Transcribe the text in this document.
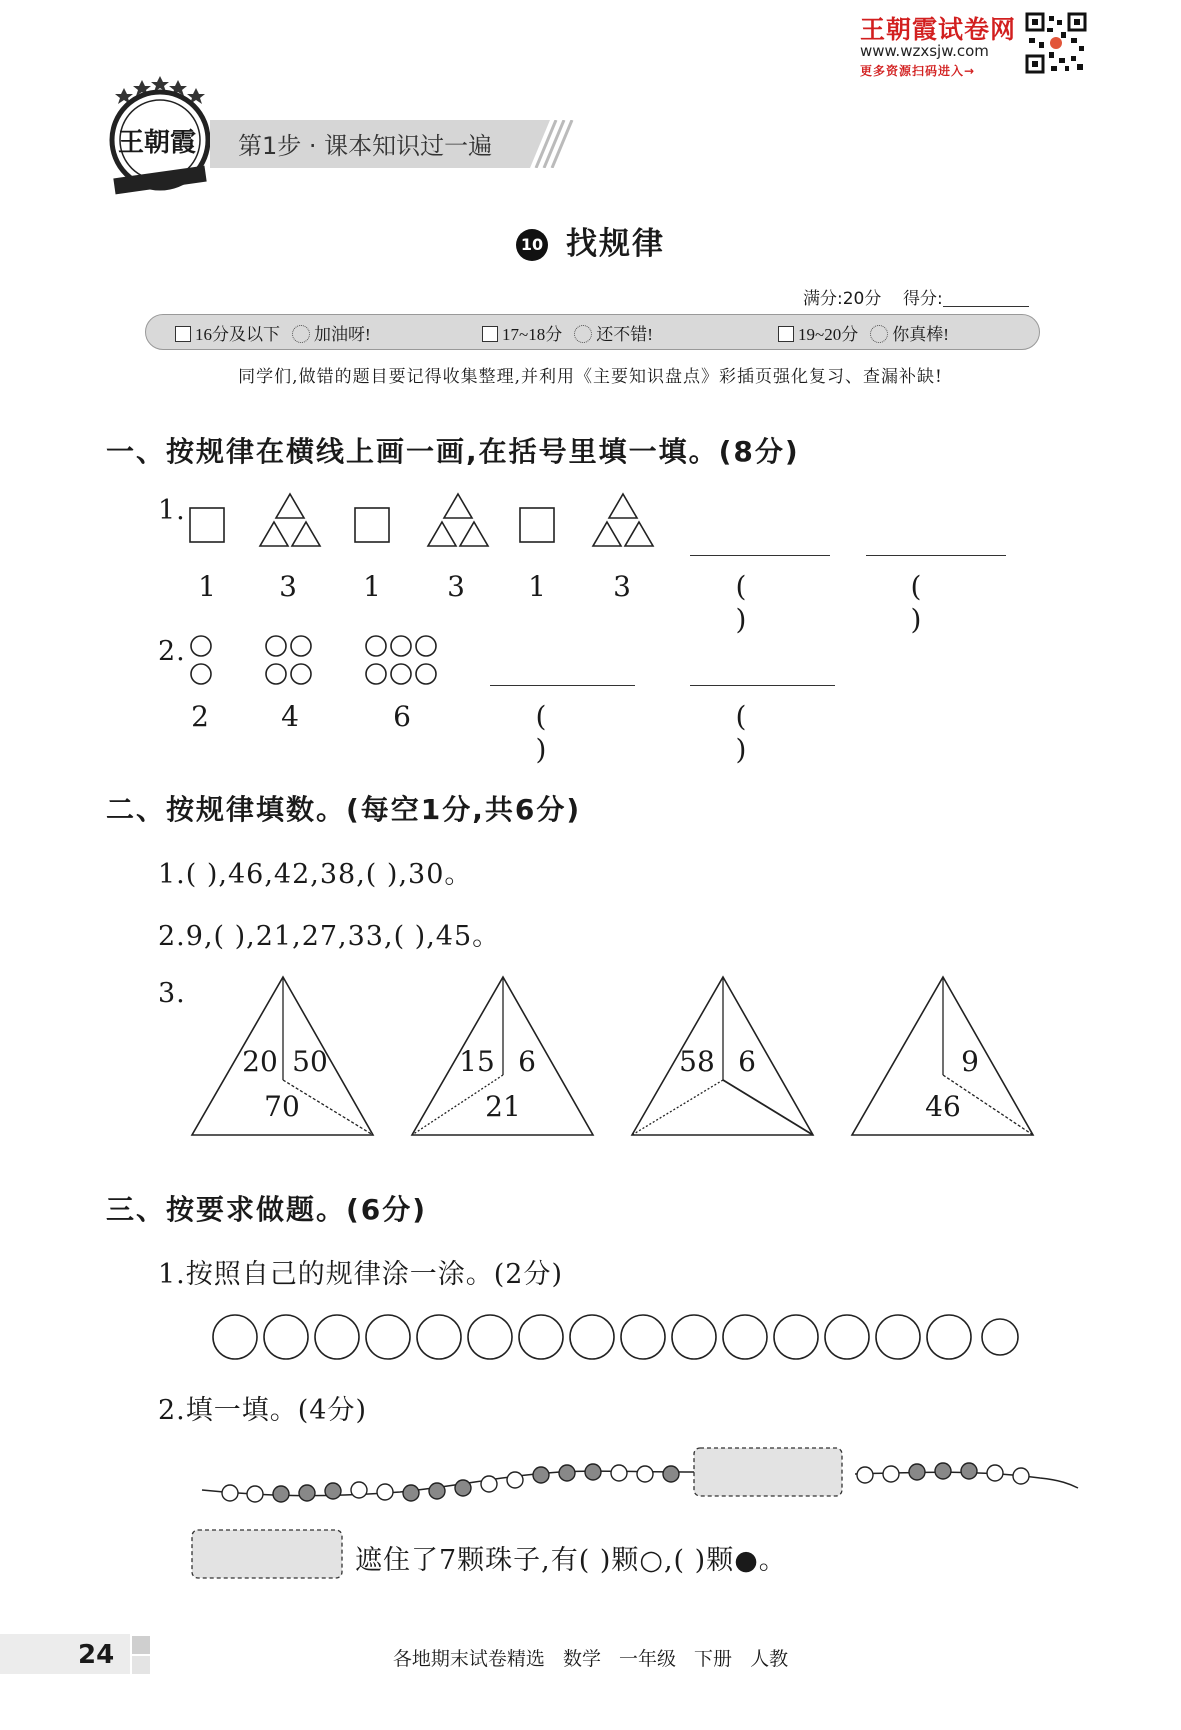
王朝霞试卷网
www.wzxsjw.com
更多资源扫码进入→
王朝霞 第1步 · 课本知识过一遍
10 找规律
满分:20分 得分:
16分及以下 加油呀!	17~18分 还不错!	19~20分 你真棒!
同学们,做错的题目要记得收集整理,并利用《主要知识盘点》彩插页强化复习、查漏补缺!
一、按规律在横线上画一画,在括号里填一填。(8分)
1.
1	3	1	3	1	3	( )
( )
2.
2	4	6	( )
( )
二、按规律填数。(每空1分,共6分)
1.( ),46,42,38,( ),30。
2.9,( ),21,27,33,( ),45。
3.
20 50
70
15 6
21
58 6	9
46
三、按要求做题。(6分)
1.按照自己的规律涂一涂。(2分)
2.填一填。(4分)
遮住了7颗珠子,有( )颗○,( )颗●。
24	各地期末试卷精选 数学 一年级 下册 人教
